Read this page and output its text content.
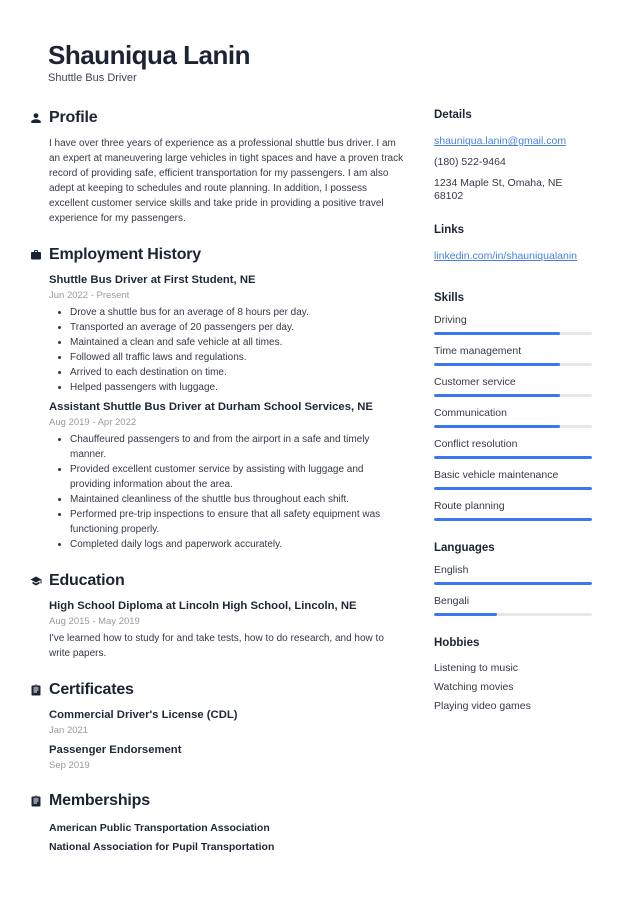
Shauniqua Lanin
Shuttle Bus Driver
Profile

I have over three years of experience as a professional shuttle bus driver. I am an expert at maneuvering large vehicles in tight spaces and have a proven track record of providing safe, efficient transportation for my passengers. I am also adept at keeping to schedules and route planning. In addition, I possess excellent customer service skills and take pride in providing a positive travel experience for my passengers.

Employment History
Shuttle Bus Driver at First Student, NE
Jun 2022 - Present
• Drove a shuttle bus for an average of 8 hours per day.
• Transported an average of 20 passengers per day.
• Maintained a clean and safe vehicle at all times.
• Followed all traffic laws and regulations.
• Arrived to each destination on time.
• Helped passengers with luggage.
Assistant Shuttle Bus Driver at Durham School Services, NE
Aug 2019 - Apr 2022
• Chauffeured passengers to and from the airport in a safe and timely manner.
• Provided excellent customer service by assisting with luggage and providing information about the area.
• Maintained cleanliness of the shuttle bus throughout each shift.
• Performed pre-trip inspections to ensure that all safety equipment was functioning properly.
• Completed daily logs and paperwork accurately.
Education
High School Diploma at Lincoln High School, Lincoln, NE
Aug 2015 - May 2019

I've learned how to study for and take tests, how to do research, and how to write papers.

Certificates
Commercial Driver's License (CDL)
Jan 2021
Passenger Endorsement
Sep 2019
Memberships
American Public Transportation Association
National Association for Pupil Transportation
Details
shauniqua.lanin@gmail.com
(180) 522-9464
1234 Maple St, Omaha, NE 68102
Links
linkedin.com/in/shauniqualanin
Skills
Driving
Time management
Customer service
Communication
Conflict resolution
Basic vehicle maintenance
Route planning
Languages
English
Bengali
Hobbies
Listening to music
Watching movies
Playing video games
